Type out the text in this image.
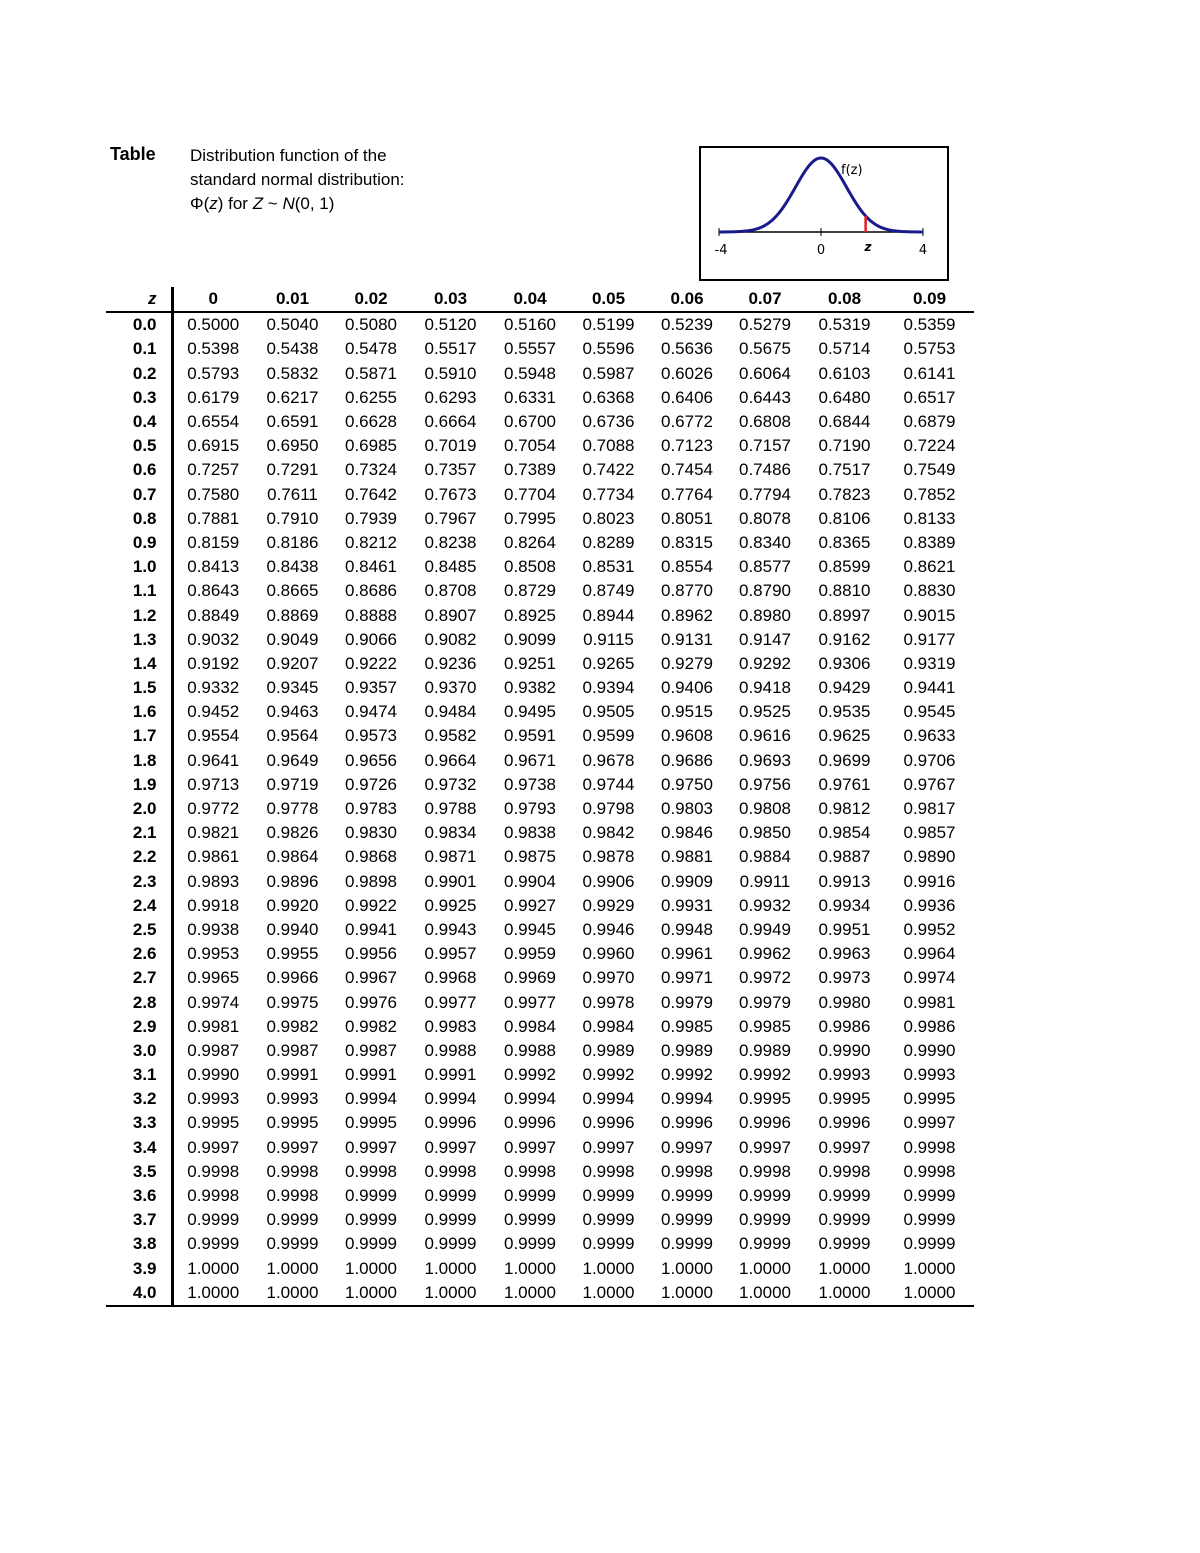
Table Distribution function of the
standard normal distribution:
Φ(z) for Z ~ N(0, 1)
f(z)
-4	0	z	4
z	0	0.01	0.02	0.03	0.04	0.05	0.06	0.07	0.08	0.09
0.0	0.5000	0.5040	0.5080	0.5120	0.5160	0.5199	0.5239	0.5279	0.5319	0.5359
0.1	0.5398	0.5438	0.5478	0.5517	0.5557	0.5596	0.5636	0.5675	0.5714	0.5753
0.2	0.5793	0.5832	0.5871	0.5910	0.5948	0.5987	0.6026	0.6064	0.6103	0.6141
0.3	0.6179	0.6217	0.6255	0.6293	0.6331	0.6368	0.6406	0.6443	0.6480	0.6517
0.4	0.6554	0.6591	0.6628	0.6664	0.6700	0.6736	0.6772	0.6808	0.6844	0.6879
0.5	0.6915	0.6950	0.6985	0.7019	0.7054	0.7088	0.7123	0.7157	0.7190	0.7224
0.6	0.7257	0.7291	0.7324	0.7357	0.7389	0.7422	0.7454	0.7486	0.7517	0.7549
0.7	0.7580	0.7611	0.7642	0.7673	0.7704	0.7734	0.7764	0.7794	0.7823	0.7852
0.8	0.7881	0.7910	0.7939	0.7967	0.7995	0.8023	0.8051	0.8078	0.8106	0.8133
0.9	0.8159	0.8186	0.8212	0.8238	0.8264	0.8289	0.8315	0.8340	0.8365	0.8389
1.0	0.8413	0.8438	0.8461	0.8485	0.8508	0.8531	0.8554	0.8577	0.8599	0.8621
1.1	0.8643	0.8665	0.8686	0.8708	0.8729	0.8749	0.8770	0.8790	0.8810	0.8830
1.2	0.8849	0.8869	0.8888	0.8907	0.8925	0.8944	0.8962	0.8980	0.8997	0.9015
1.3	0.9032	0.9049	0.9066	0.9082	0.9099	0.9115	0.9131	0.9147	0.9162	0.9177
1.4	0.9192	0.9207	0.9222	0.9236	0.9251	0.9265	0.9279	0.9292	0.9306	0.9319
1.5	0.9332	0.9345	0.9357	0.9370	0.9382	0.9394	0.9406	0.9418	0.9429	0.9441
1.6	0.9452	0.9463	0.9474	0.9484	0.9495	0.9505	0.9515	0.9525	0.9535	0.9545
1.7	0.9554	0.9564	0.9573	0.9582	0.9591	0.9599	0.9608	0.9616	0.9625	0.9633
1.8	0.9641	0.9649	0.9656	0.9664	0.9671	0.9678	0.9686	0.9693	0.9699	0.9706
1.9	0.9713	0.9719	0.9726	0.9732	0.9738	0.9744	0.9750	0.9756	0.9761	0.9767
2.0	0.9772	0.9778	0.9783	0.9788	0.9793	0.9798	0.9803	0.9808	0.9812	0.9817
2.1	0.9821	0.9826	0.9830	0.9834	0.9838	0.9842	0.9846	0.9850	0.9854	0.9857
2.2	0.9861	0.9864	0.9868	0.9871	0.9875	0.9878	0.9881	0.9884	0.9887	0.9890
2.3	0.9893	0.9896	0.9898	0.9901	0.9904	0.9906	0.9909	0.9911	0.9913	0.9916
2.4	0.9918	0.9920	0.9922	0.9925	0.9927	0.9929	0.9931	0.9932	0.9934	0.9936
2.5	0.9938	0.9940	0.9941	0.9943	0.9945	0.9946	0.9948	0.9949	0.9951	0.9952
2.6	0.9953	0.9955	0.9956	0.9957	0.9959	0.9960	0.9961	0.9962	0.9963	0.9964
2.7	0.9965	0.9966	0.9967	0.9968	0.9969	0.9970	0.9971	0.9972	0.9973	0.9974
2.8	0.9974	0.9975	0.9976	0.9977	0.9977	0.9978	0.9979	0.9979	0.9980	0.9981
2.9	0.9981	0.9982	0.9982	0.9983	0.9984	0.9984	0.9985	0.9985	0.9986	0.9986
3.0	0.9987	0.9987	0.9987	0.9988	0.9988	0.9989	0.9989	0.9989	0.9990	0.9990
3.1	0.9990	0.9991	0.9991	0.9991	0.9992	0.9992	0.9992	0.9992	0.9993	0.9993
3.2	0.9993	0.9993	0.9994	0.9994	0.9994	0.9994	0.9994	0.9995	0.9995	0.9995
3.3	0.9995	0.9995	0.9995	0.9996	0.9996	0.9996	0.9996	0.9996	0.9996	0.9997
3.4	0.9997	0.9997	0.9997	0.9997	0.9997	0.9997	0.9997	0.9997	0.9997	0.9998
3.5	0.9998	0.9998	0.9998	0.9998	0.9998	0.9998	0.9998	0.9998	0.9998	0.9998
3.6	0.9998	0.9998	0.9999	0.9999	0.9999	0.9999	0.9999	0.9999	0.9999	0.9999
3.7	0.9999	0.9999	0.9999	0.9999	0.9999	0.9999	0.9999	0.9999	0.9999	0.9999
3.8	0.9999	0.9999	0.9999	0.9999	0.9999	0.9999	0.9999	0.9999	0.9999	0.9999
3.9	1.0000	1.0000	1.0000	1.0000	1.0000	1.0000	1.0000	1.0000	1.0000	1.0000
4.0	1.0000	1.0000	1.0000	1.0000	1.0000	1.0000	1.0000	1.0000	1.0000	1.0000
